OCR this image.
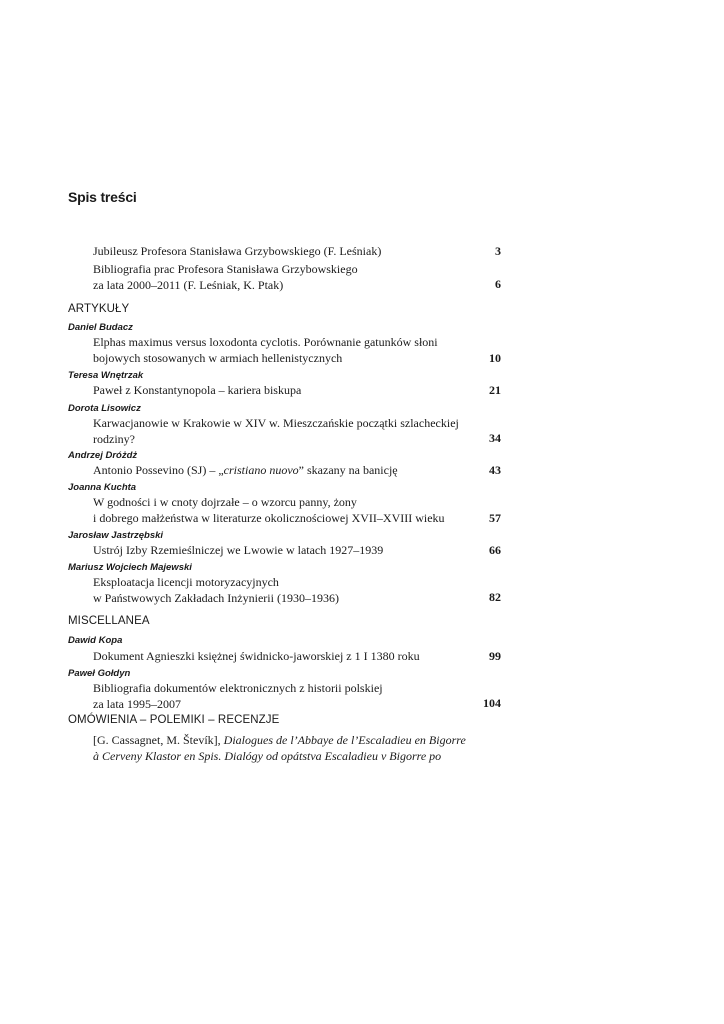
Spis treści
Jubileusz Profesora Stanisława Grzybowskiego (F. Leśniak)	3
Bibliografia prac Profesora Stanisława Grzybowskiego
za lata 2000–2011 (F. Leśniak, K. Ptak)	6
ARTYKUŁY
Daniel Budacz
Elphas maximus versus loxodonta cyclotis. Porównanie gatunków słoni
bojowych stosowanych w armiach hellenistycznych	10
Teresa Wnętrzak
Paweł z Konstantynopola – kariera biskupa	21
Dorota Lisowicz
Karwacjanowie w Krakowie w XIV w. Mieszczańskie początki szlacheckiej
rodziny?	34
Andrzej Dróżdż
Antonio Possevino (SJ) – „cristiano nuovo” skazany na banicję	43
Joanna Kuchta
W godności i w cnoty dojrzałe – o wzorcu panny, żony
i dobrego małżeństwa w literaturze okolicznościowej XVII–XVIII wieku	57
Jarosław Jastrzębski
Ustrój Izby Rzemieślniczej we Lwowie w latach 1927–1939	66
Mariusz Wojciech Majewski
Eksploatacja licencji motoryzacyjnych
w Państwowych Zakładach Inżynierii (1930–1936)	82
MISCELLANEA
Dawid Kopa
Dokument Agnieszki księżnej świdnicko-jaworskiej z 1 I 1380 roku	99
Paweł Gołdyn
Bibliografia dokumentów elektronicznych z historii polskiej
za lata 1995–2007	104
OMÓWIENIA – POLEMIKI – RECENZJE
[G. Cassagnet, M. Števík], Dialogues de l’Abbaye de l’Escaladieu en Bigorre
à Cerveny Klastor en Spis. Dialógy od opátstva Escaladieu v Bigorre po
